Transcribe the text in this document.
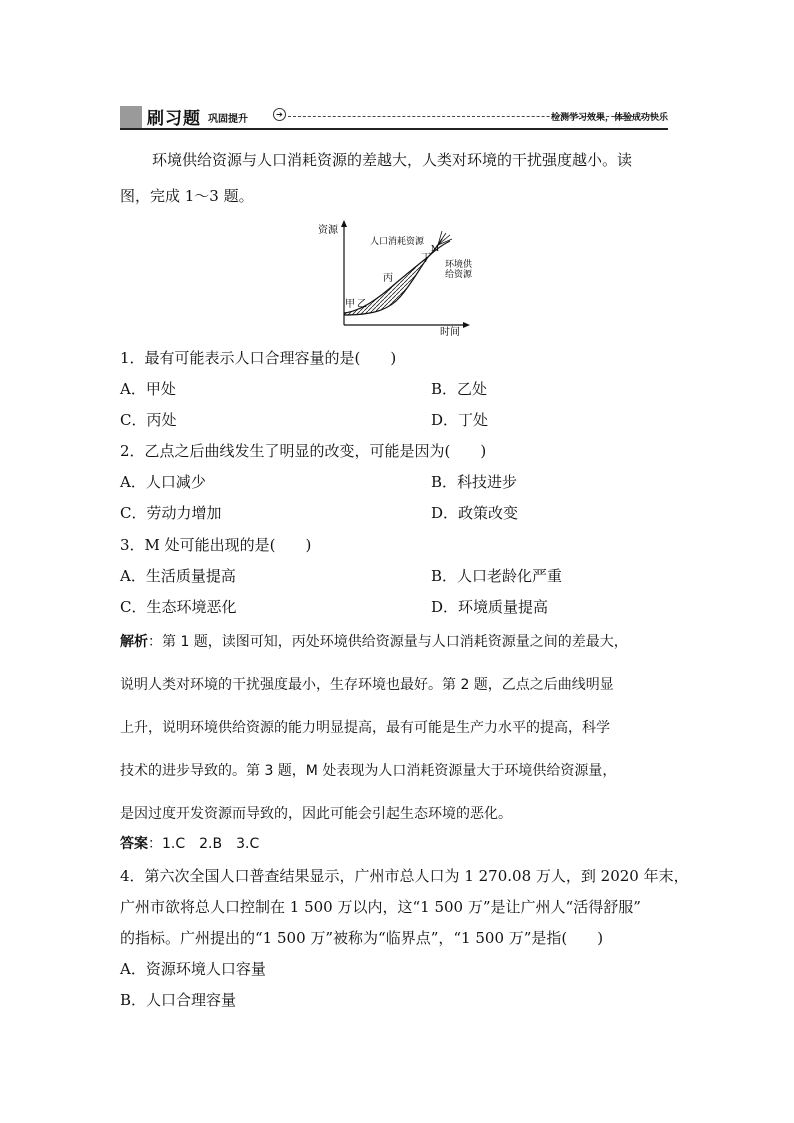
刷习题 巩固提升	➔	检测学习效果，体验成功快乐
环境供给资源与人口消耗资源的差越大，人类对环境的干扰强度越小。读
图，完成 1～3 题。
资源
时间
人口消耗资源
环境供
给资源
甲 乙
丙
丁
M
1．最有可能表示人口合理容量的是(　　)
A．甲处	B．乙处
C．丙处	D．丁处
2．乙点之后曲线发生了明显的改变，可能是因为(　　)
A．人口减少	B．科技进步
C．劳动力增加	D．政策改变
3．M 处可能出现的是(　　)
A．生活质量提高	B．人口老龄化严重
C．生态环境恶化	D．环境质量提高
解析：第 1 题，读图可知，丙处环境供给资源量与人口消耗资源量之间的差最大，
说明人类对环境的干扰强度最小，生存环境也最好。第 2 题，乙点之后曲线明显
上升，说明环境供给资源的能力明显提高，最有可能是生产力水平的提高，科学
技术的进步导致的。第 3 题，M 处表现为人口消耗资源量大于环境供给资源量，
是因过度开发资源而导致的，因此可能会引起生态环境的恶化。
答案：1.C　2.B　3.C
4．第六次全国人口普查结果显示，广州市总人口为 1 270.08 万人，到 2020 年末，
广州市欲将总人口控制在 1 500 万以内，这“1 500 万”是让广州人“活得舒服”
的指标。广州提出的“1 500 万”被称为“临界点”，“1 500 万”是指(　　)
A．资源环境人口容量
B．人口合理容量
